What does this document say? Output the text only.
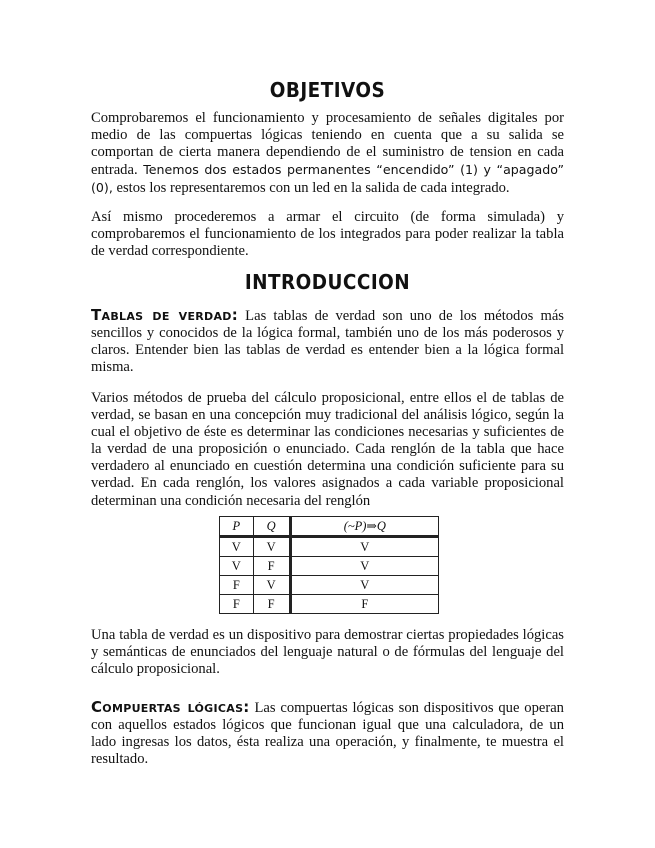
OBJETIVOS

Comprobaremos el funcionamiento y procesamiento de señales digitales por medio de las compuertas lógicas teniendo en cuenta que a su salida se comportan de cierta manera dependiendo de el suministro de tension en cada entrada. Tenemos dos estados permanentes “encendido” (1) y “apagado” (0), estos los representaremos con un led en la salida de cada integrado.

Así mismo procederemos a armar el circuito (de forma simulada) y comprobaremos el funcionamiento de los integrados para poder realizar la tabla de verdad correspondiente.

INTRODUCCION

Tablas de verdad: Las tablas de verdad son uno de los métodos más sencillos y conocidos de la lógica formal, también uno de los más poderosos y claros. Entender bien las tablas de verdad es entender bien a la lógica formal misma.

Varios métodos de prueba del cálculo proposicional, entre ellos el de tablas de verdad, se basan en una concepción muy tradicional del análisis lógico, según la cual el objetivo de éste es determinar las condiciones necesarias y suficientes de la verdad de una proposición o enunciado. Cada renglón de la tabla que hace verdadero al enunciado en cuestión determina una condición suficiente para su verdad. En cada renglón, los valores asignados a cada variable proposicional determinan una condición necesaria del renglón

P	Q	(~P)⇒Q
V	V	V
V	F	V
F	V	V
F	F	F

Una tabla de verdad es un dispositivo para demostrar ciertas propiedades lógicas y semánticas de enunciados del lenguaje natural o de fórmulas del lenguaje del cálculo proposicional.

Compuertas lógicas: Las compuertas lógicas son dispositivos que operan con aquellos estados lógicos que funcionan igual que una calculadora, de un lado ingresas los datos, ésta realiza una operación, y finalmente, te muestra el resultado.
